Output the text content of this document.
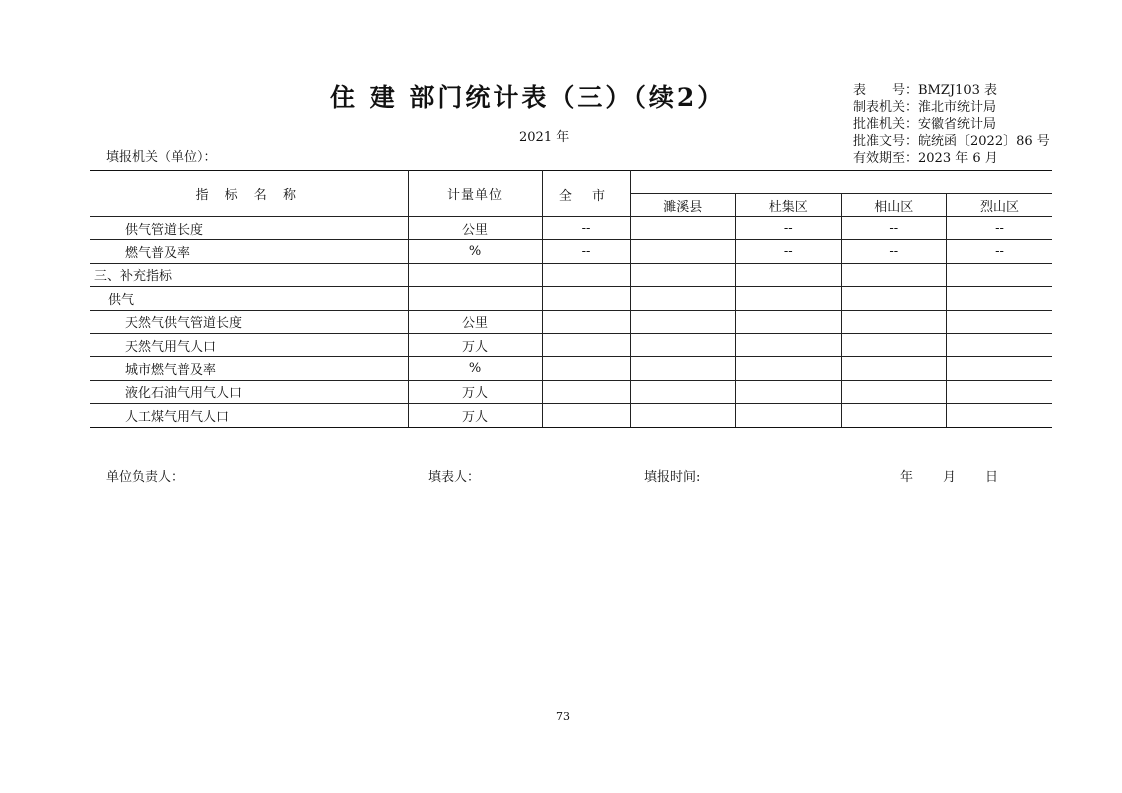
住 建 部门统计表（三）（续2）
2021 年
填报机关（单位）：
表　　号：BMZJ103 表
制表机关：淮北市统计局
批准机关：安徽省统计局
批准文号：皖统函〔2022〕86 号
有效期至：2023 年 6 月
指 标 名 称	计量单位	全 市				
			濉溪县	杜集区	相山区	烈山区
供气管道长度	公里	--		--	--	--
燃气普及率	%	--		--	--	--
三、补充指标						
供气						
天然气供气管道长度	公里					
天然气用气人口	万人					
城市燃气普及率	%					
液化石油气用气人口	万人					
人工煤气用气人口	万人					
单位负责人：	填表人：	填报时间:	年 月 日
73
